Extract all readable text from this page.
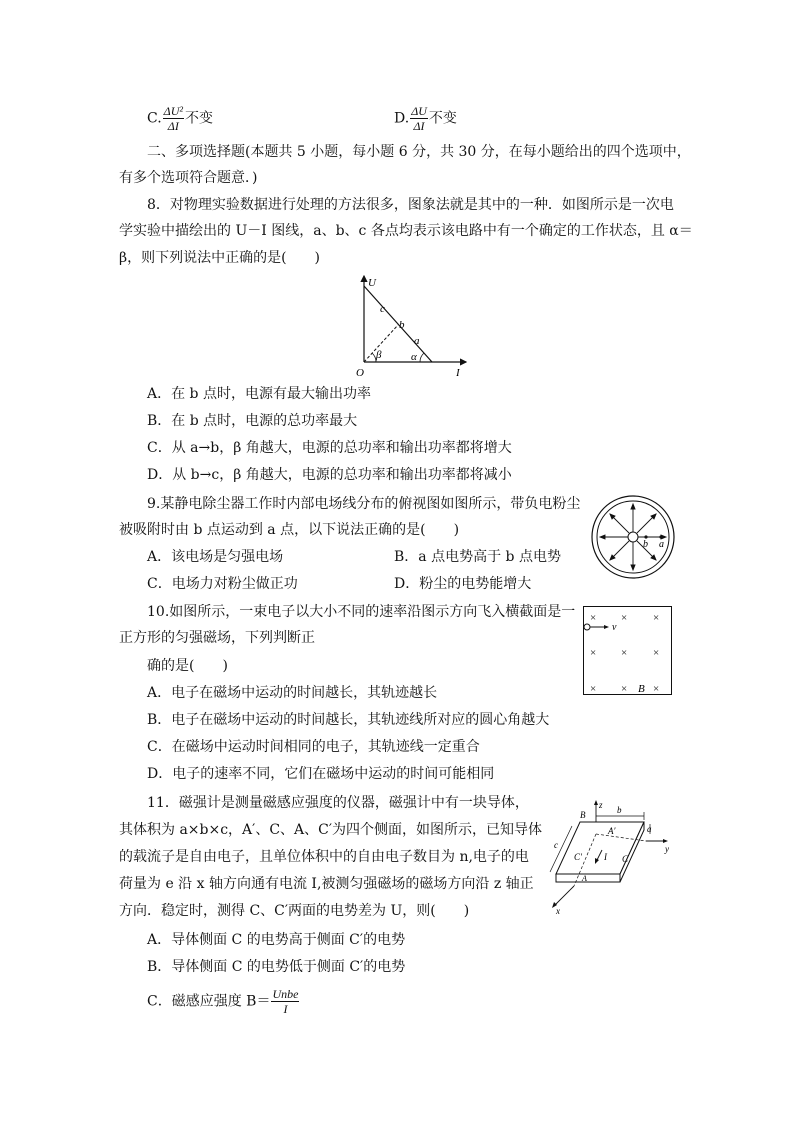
C. $\frac{\text{ΔU²}}{\Delta I}$ 不变	D. $\frac{\Delta U}{\Delta I}$ 不变
二、多项选择题(本题共 5 小题，每小题 6 分，共 30 分，在每小题给出的四个选项中，
有多个选项符合题意．)
8．对物理实验数据进行处理的方法很多，图象法就是其中的一种．如图所示是一次电
学实验中描绘出的 U－I 图线，a、b、c 各点均表示该电路中有一个确定的工作状态，且 α＝
β，则下列说法中正确的是(　　)
U
I
O
c
b
a
β	α
A．在 b 点时，电源有最大输出功率
B．在 b 点时，电源的总功率最大
C．从 a→b，β 角越大，电源的总功率和输出功率都将增大
D．从 b→c，β 角越大，电源的总功率和输出功率都将减小
9.某静电除尘器工作时内部电场线分布的俯视图如图所示，带负电粉尘
被吸附时由 b 点运动到 a 点，以下说法正确的是(　　)
A．该电场是匀强电场	B．a 点电势高于 b 点电势
C．电场力对粉尘做正功	D．粉尘的电势能增大
b a
10.如图所示，一束电子以大小不同的速率沿图示方向飞入横截面是一
正方形的匀强磁场，下列判断正
确的是(　　)
A．电子在磁场中运动的时间越长，其轨迹越长
B．电子在磁场中运动的时间越长，其轨迹线所对应的圆心角越大
C．在磁场中运动时间相同的电子，其轨迹线一定重合
D．电子的速率不同，它们在磁场中运动的时间可能相同
× × ×
× × ×
× × ×
v
B
11．磁强计是测量磁感应强度的仪器，磁强计中有一块导体，
其体积为 a×b×c，A′、C、A、C′为四个侧面，如图所示，已知导体
的载流子是自由电子，且单位体积中的自由电子数目为 n,电子的电
荷量为 e 沿 x 轴方向通有电流 I,被测匀强磁场的磁场方向沿 z 轴正
方向．稳定时，测得 C、C′两面的电势差为 U，则(　　)
A．导体侧面 C 的电势高于侧面 C′的电势
B．导体侧面 C 的电势低于侧面 C′的电势
C．磁感应强度 $B= \frac{\text{Unbe}}{I}$
z
y
x
b
a
c
B
A′
C′	C
A
I
